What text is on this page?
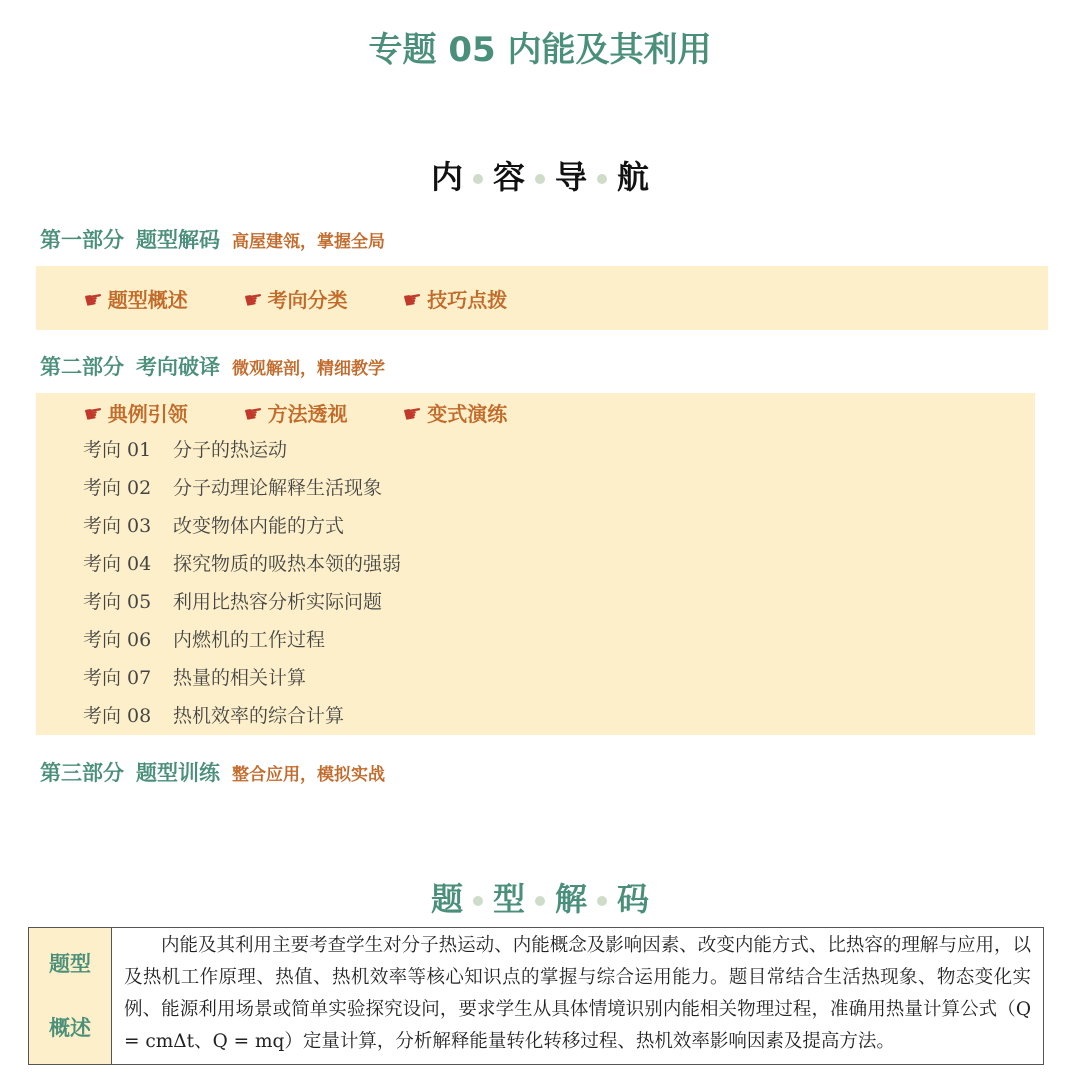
专题 05 内能及其利用
内 容 导 航
第一部分 题型解码 高屋建瓴，掌握全局
☛题型概述 ☛考向分类 ☛技巧点拨
第二部分 考向破译 微观解剖，精细教学
☛典例引领 ☛方法透视 ☛变式演练
考向 01 分子的热运动
考向 02 分子动理论解释生活现象
考向 03 改变物体内能的方式
考向 04 探究物质的吸热本领的强弱
考向 05 利用比热容分析实际问题
考向 06 内燃机的工作过程
考向 07 热量的相关计算
考向 08 热机效率的综合计算
第三部分 题型训练 整合应用，模拟实战
题 型 解 码
题型
概述
	内能及其利用主要考查学生对分子热运动、内能概念及影响因素、改变内能方式、比热容的理解与应用，以及热机工作原理、热值、热机效率等核心知识点的掌握与综合运用能力。题目常结合生活热现象、物态变化实例、能源利用场景或简单实验探究设问，要求学生从具体情境识别内能相关物理过程，准确用热量计算公式（Q = cmΔt、Q = mq）定量计算，分析解释能量转化转移过程、热机效率影响因素及提高方法。
